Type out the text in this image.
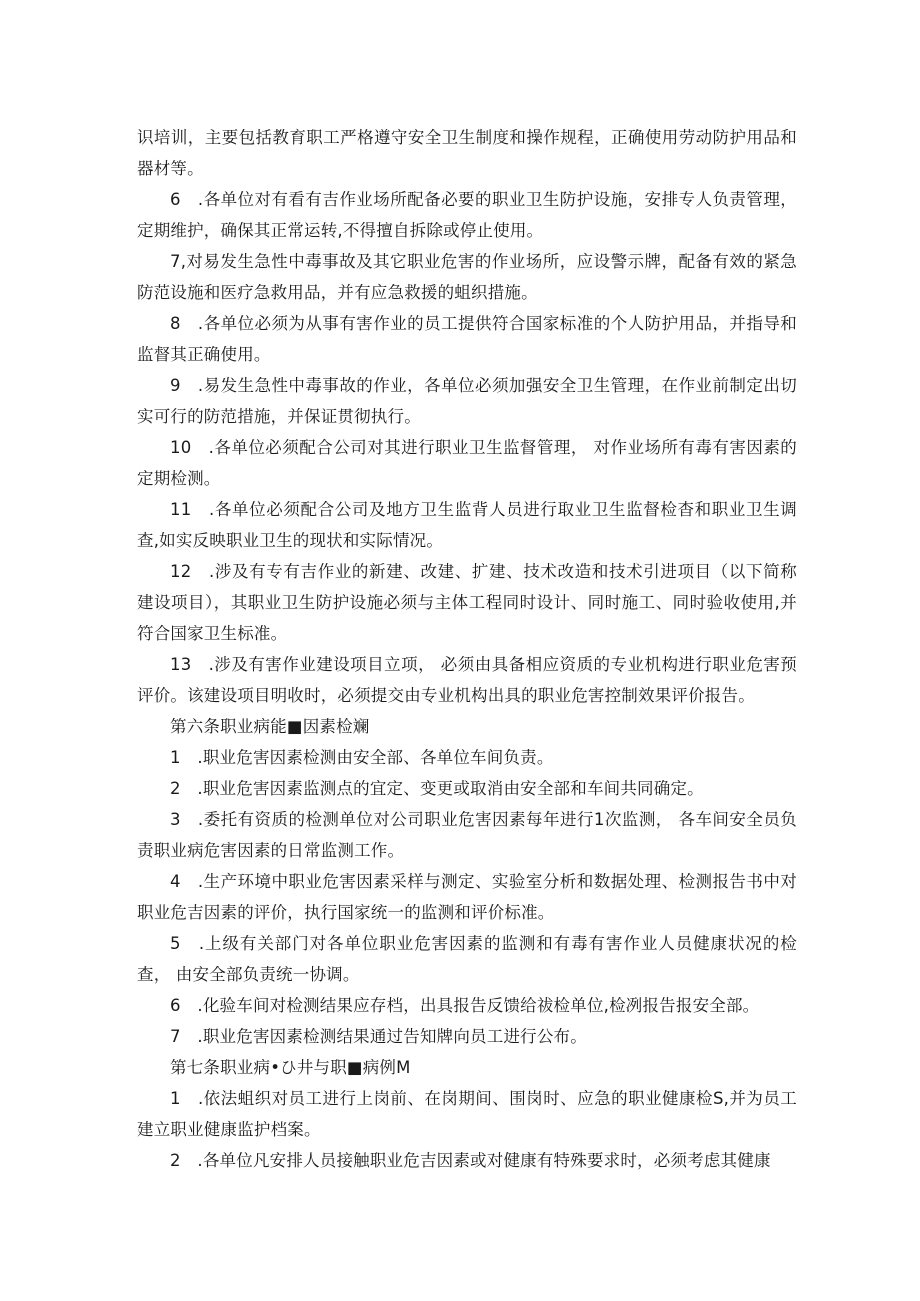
识培训，主要包括教育职工严格遵守安全卫生制度和操作规程，正确使用劳动防护用品和器材等。

6　.各单位对有看有吉作业场所配备必要的职业卫生防护设施，安排专人负责管理，定期维护，确保其正常运转,不得擅自拆除或停止使用。

7,对易发生急性中毒事故及其它职业危害的作业场所，应设警示牌，配备有效的紧急防范设施和医疗急救用品，并有应急救援的蛆织措施。

8　.各单位必须为从事有害作业的员工提供符合国家标准的个人防护用品，并指导和监督其正确使用。

9　.易发生急性中毒事故的作业，各单位必须加强安全卫生管理，在作业前制定出切实可行的防范措施，并保证贯彻执行。

10　.各单位必须配合公司对其进行职业卫生监督管理， 对作业场所有毒有害因素的定期检测。

11　.各单位必须配合公司及地方卫生监背人员进行取业卫生监督检杳和职业卫生调查,如实反映职业卫生的现状和实际情况。

12　.涉及有专有吉作业的新建、改建、扩建、技术改造和技术引进项目（以下简称建设项目），其职业卫生防护设施必须与主体工程同时设计、同时施工、同时验收使用,并符合国家卫生标准。

13　.涉及有害作业建设项目立项， 必须由具备相应资质的专业机构进行职业危害预评价。该建设项目明收时，必须提交由专业机构出具的职业危害控制效果评价报告。

第六条职业病能■因素检斓

1　.职业危害因素检测由安全部、各单位车间负责。

2　.职业危害因素监测点的宜定、变更或取消由安全部和车间共同确定。

3　.委托有资质的检测单位对公司职业危害因素每年进行1次监测， 各车间安全员负责职业病危害因素的日常监测工作。

4　.生产环境中职业危害因素采样与测定、实验室分析和数据处理、检测报告书中对职业危吉因素的评价，执行国家统一的监测和评价标准。

5　.上级有关部门对各单位职业危害因素的监测和有毒有害作业人员健康状况的检查， 由安全部负责统一协调。

6　.化验车间对检测结果应存档，出具报告反馈给祓检单位,检冽报告报安全部。

7　.职业危害因素检测结果通过告知牌向员工进行公布。

第七条职业病•ひ井与职■病例M

1　.依法蛆织对员工进行上岗前、在岗期间、围岗时、应急的职业健康检S,并为员工建立职业健康监护档案。

2　.各单位凡安排人员接触职业危吉因素或对健康有特殊要求时，必须考虑其健康
